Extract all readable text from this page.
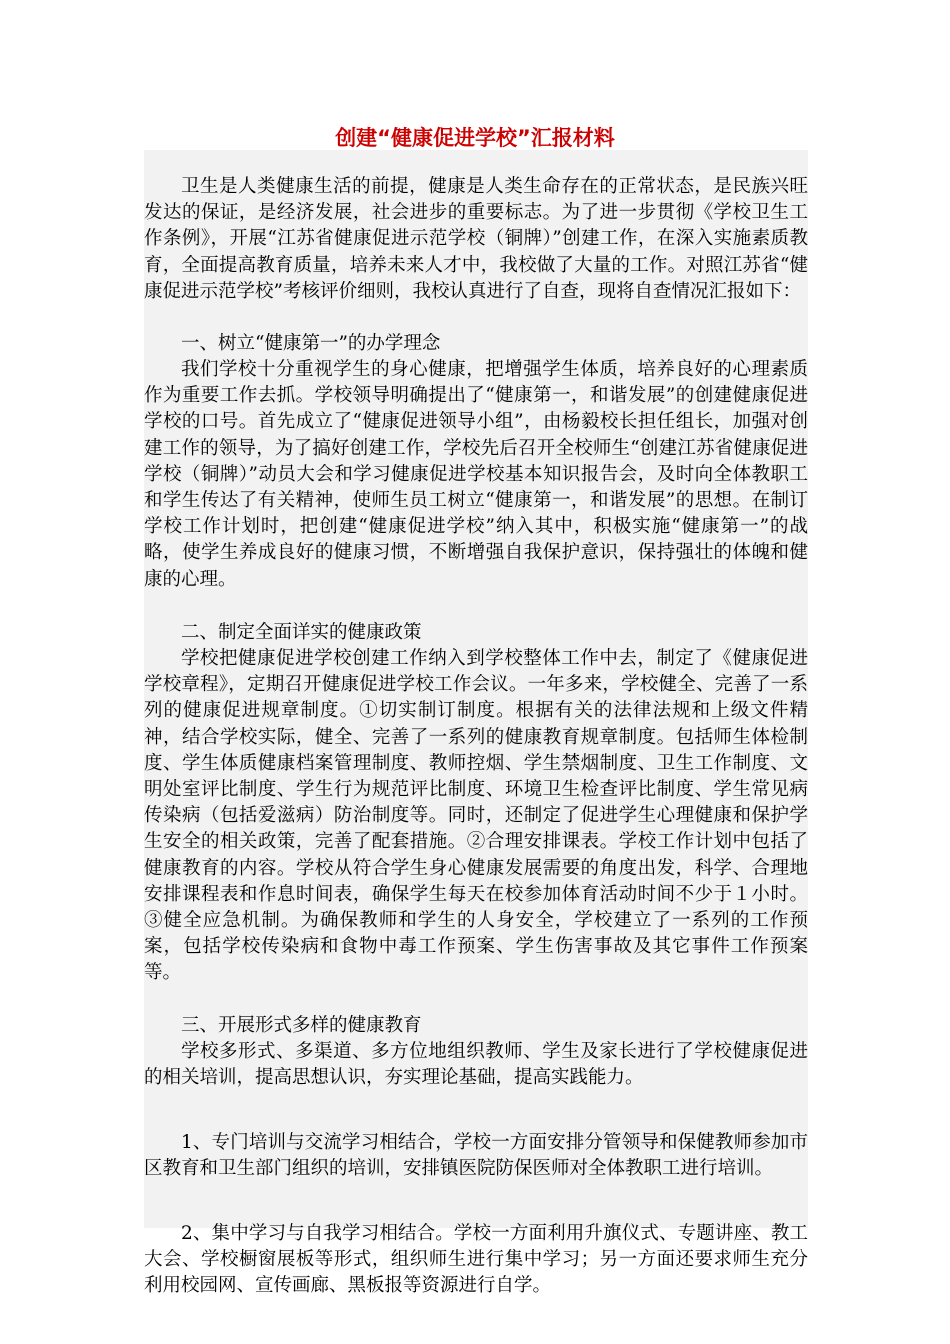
创建“健康促进学校”汇报材料

卫生是人类健康生活的前提，健康是人类生命存在的正常状态，是民族兴旺发达的保证，是经济发展，社会进步的重要标志。为了进一步贯彻《学校卫生工作条例》，开展“江苏省健康促进示范学校（铜牌）”创建工作，在深入实施素质教育，全面提高教育质量，培养未来人才中，我校做了大量的工作。对照江苏省“健康促进示范学校”考核评价细则，我校认真进行了自查，现将自查情况汇报如下：

一、树立“健康第一”的办学理念

我们学校十分重视学生的身心健康，把增强学生体质，培养良好的心理素质作为重要工作去抓。学校领导明确提出了“健康第一，和谐发展”的创建健康促进学校的口号。首先成立了“健康促进领导小组”，由杨毅校长担任组长，加强对创建工作的领导，为了搞好创建工作，学校先后召开全校师生“创建江苏省健康促进学校（铜牌）”动员大会和学习健康促进学校基本知识报告会，及时向全体教职工和学生传达了有关精神，使师生员工树立“健康第一，和谐发展”的思想。在制订学校工作计划时，把创建“健康促进学校”纳入其中，积极实施“健康第一”的战略，使学生养成良好的健康习惯，不断增强自我保护意识，保持强壮的体魄和健康的心理。

二、制定全面详实的健康政策

学校把健康促进学校创建工作纳入到学校整体工作中去，制定了《健康促进学校章程》，定期召开健康促进学校工作会议。一年多来，学校健全、完善了一系列的健康促进规章制度。①切实制订制度。根据有关的法律法规和上级文件精神，结合学校实际，健全、完善了一系列的健康教育规章制度。包括师生体检制度、学生体质健康档案管理制度、教师控烟、学生禁烟制度、卫生工作制度、文明处室评比制度、学生行为规范评比制度、环境卫生检查评比制度、学生常见病传染病（包括爱滋病）防治制度等。同时，还制定了促进学生心理健康和保护学生安全的相关政策，完善了配套措施。②合理安排课表。学校工作计划中包括了健康教育的内容。学校从符合学生身心健康发展需要的角度出发，科学、合理地安排课程表和作息时间表，确保学生每天在校参加体育活动时间不少于１小时。③健全应急机制。为确保教师和学生的人身安全，学校建立了一系列的工作预案，包括学校传染病和食物中毒工作预案、学生伤害事故及其它事件工作预案等。

三、开展形式多样的健康教育

学校多形式、多渠道、多方位地组织教师、学生及家长进行了学校健康促进的相关培训，提高思想认识，夯实理论基础，提高实践能力。

1、专门培训与交流学习相结合，学校一方面安排分管领导和保健教师参加市区教育和卫生部门组织的培训，安排镇医院防保医师对全体教职工进行培训。

2、集中学习与自我学习相结合。学校一方面利用升旗仪式、专题讲座、教工大会、学校橱窗展板等形式，组织师生进行集中学习；另一方面还要求师生充分利用校园网、宣传画廊、黑板报等资源进行自学。
